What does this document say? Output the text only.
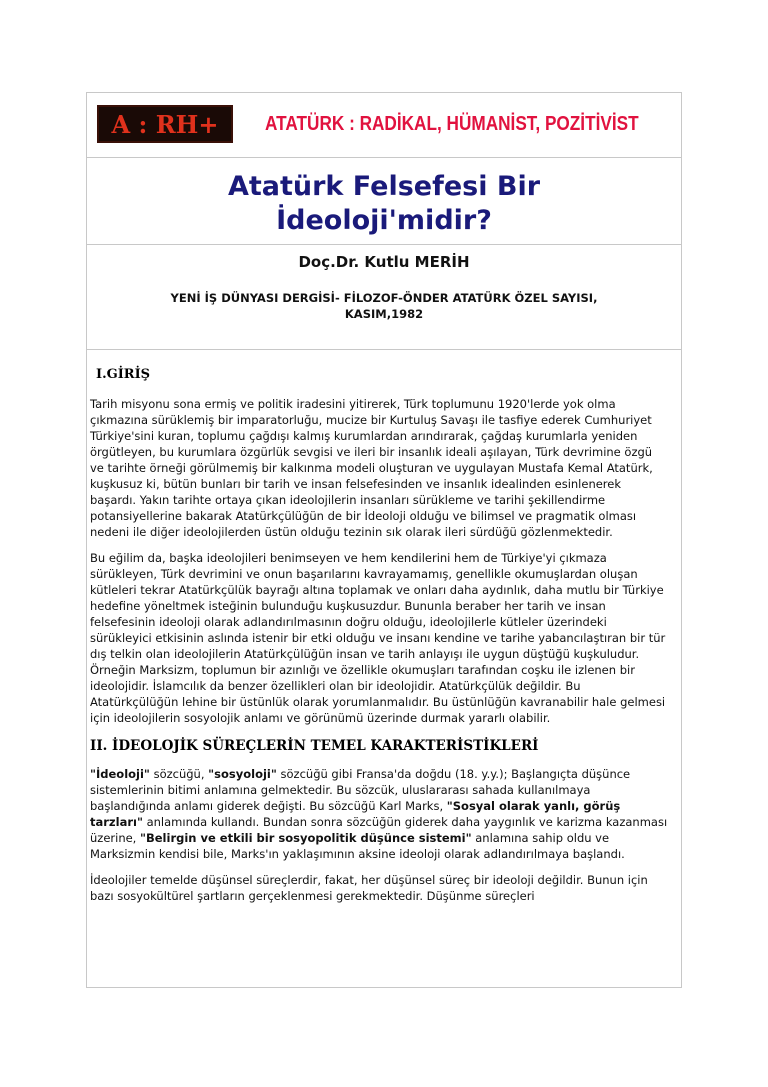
A : RH+ ATATÜRK : RADİKAL, HÜMANİST, POZİTİVİST
Atatürk Felsefesi Bir
İdeoloji'midir?
Doç.Dr. Kutlu MERİH
YENİ İŞ DÜNYASI DERGİSİ- FİLOZOF-ÖNDER ATATÜRK ÖZEL SAYISI,
KASIM,1982
I.GİRİŞ

Tarih misyonu sona ermiş ve politik iradesini yitirerek, Türk toplumunu 1920'lerde yok olma çıkmazına sürüklemiş bir imparatorluğu, mucize bir Kurtuluş Savaşı ile tasfiye ederek Cumhuriyet Türkiye'sini kuran, toplumu çağdışı kalmış kurumlardan arındırarak, çağdaş kurumlarla yeniden örgütleyen, bu kurumlara özgürlük sevgisi ve ileri bir insanlık ideali aşılayan, Türk devrimine özgü ve tarihte örneği görülmemiş bir kalkınma modeli oluşturan ve uygulayan Mustafa Kemal Atatürk, kuşkusuz ki, bütün bunları bir tarih ve insan felsefesinden ve insanlık idealinden esinlenerek başardı. Yakın tarihte ortaya çıkan ideolojilerin insanları sürükleme ve tarihi şekillendirme potansiyellerine bakarak Atatürkçülüğün de bir İdeoloji olduğu ve bilimsel ve pragmatik olması nedeni ile diğer ideolojilerden üstün olduğu tezinin sık olarak ileri sürdüğü gözlenmektedir.

Bu eğilim da, başka ideolojileri benimseyen ve hem kendilerini hem de Türkiye'yi çıkmaza sürükleyen, Türk devrimini ve onun başarılarını kavrayamamış, genellikle okumuşlardan oluşan kütleleri tekrar Atatürkçülük bayrağı altına toplamak ve onları daha aydınlık, daha mutlu bir Türkiye hedefine yöneltmek isteğinin bulunduğu kuşkusuzdur. Bununla beraber her tarih ve insan felsefesinin ideoloji olarak adlandırılmasının doğru olduğu, ideolojilerle kütleler üzerindeki sürükleyici etkisinin aslında istenir bir etki olduğu ve insanı kendine ve tarihe yabancılaştıran bir tür dış telkin olan ideolojilerin Atatürkçülüğün insan ve tarih anlayışı ile uygun düştüğü kuşkuludur. Örneğin Marksizm, toplumun bir azınlığı ve özellikle okumuşları tarafından coşku ile izlenen bir ideolojidir. İslamcılık da benzer özellikleri olan bir ideolojidir. Atatürkçülük değildir. Bu Atatürkçülüğün lehine bir üstünlük olarak yorumlanmalıdır. Bu üstünlüğün kavranabilir hale gelmesi için ideolojilerin sosyolojik anlamı ve görünümü üzerinde durmak yararlı olabilir.

II. İDEOLOJİK SÜREÇLERİN TEMEL KARAKTERİSTİKLERİ

"İdeoloji" sözcüğü, "sosyoloji" sözcüğü gibi Fransa'da doğdu (18. y.y.); Başlangıçta düşünce sistemlerinin bitimi anlamına gelmektedir. Bu sözcük, uluslararası sahada kullanılmaya başlandığında anlamı giderek değişti. Bu sözcüğü Karl Marks, "Sosyal olarak yanlı, görüş tarzları" anlamında kullandı. Bundan sonra sözcüğün giderek daha yaygınlık ve karizma kazanması üzerine, "Belirgin ve etkili bir sosyopolitik düşünce sistemi" anlamına sahip oldu ve Marksizmin kendisi bile, Marks'ın yaklaşımının aksine ideoloji olarak adlandırılmaya başlandı.

İdeolojiler temelde düşünsel süreçlerdir, fakat, her düşünsel süreç bir ideoloji değildir. Bunun için bazı sosyokültürel şartların gerçeklenmesi gerekmektedir. Düşünme süreçleri
